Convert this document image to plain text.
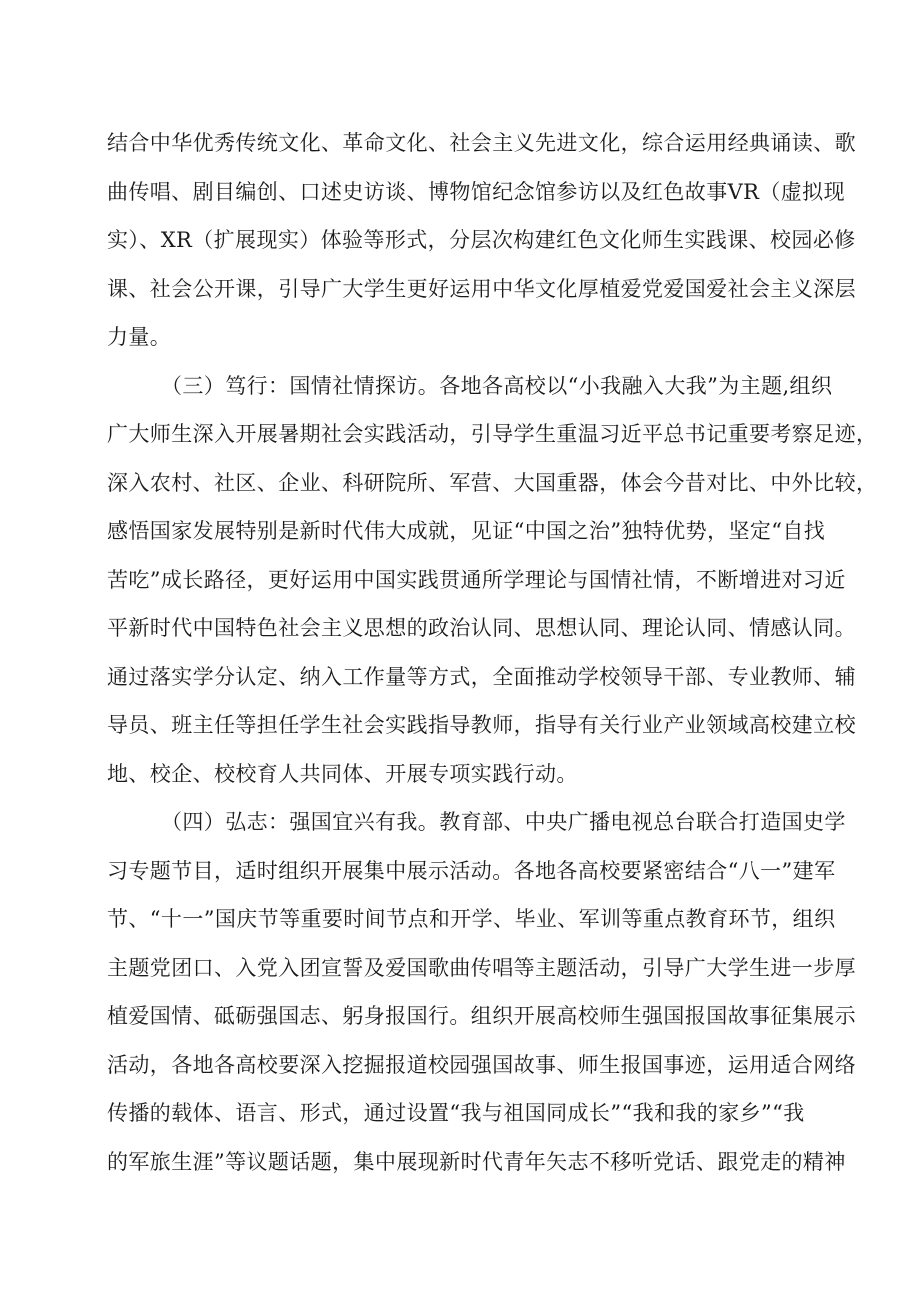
结合中华优秀传统文化、革命文化、社会主义先进文化，综合运用经典诵读、歌
曲传唱、剧目编创、口述史访谈、博物馆纪念馆参访以及红色故事VR（虚拟现
实）、XR（扩展现实）体验等形式，分层次构建红色文化师生实践课、校园必修
课、社会公开课，引导广大学生更好运用中华文化厚植爱党爱国爱社会主义深层
力量。
（三）笃行：国情社情探访。各地各高校以“小我融入大我”为主题,组织
广大师生深入开展暑期社会实践活动，引导学生重温习近平总书记重要考察足迹，
深入农村、社区、企业、科研院所、军营、大国重器，体会今昔对比、中外比较，
感悟国家发展特别是新时代伟大成就，见证“中国之治”独特优势，坚定“自找
苦吃”成长路径，更好运用中国实践贯通所学理论与国情社情，不断增进对习近
平新时代中国特色社会主义思想的政治认同、思想认同、理论认同、情感认同。
通过落实学分认定、纳入工作量等方式，全面推动学校领导干部、专业教师、辅
导员、班主任等担任学生社会实践指导教师，指导有关行业产业领域高校建立校
地、校企、校校育人共同体、开展专项实践行动。
（四）弘志：强国宜兴有我。教育部、中央广播电视总台联合打造国史学
习专题节目，适时组织开展集中展示活动。各地各高校要紧密结合“八一”建军
节、“十一”国庆节等重要时间节点和开学、毕业、军训等重点教育环节，组织
主题党团口、入党入团宣誓及爱国歌曲传唱等主题活动，引导广大学生进一步厚
植爱国情、砥砺强国志、躬身报国行。组织开展高校师生强国报国故事征集展示
活动，各地各高校要深入挖掘报道校园强国故事、师生报国事迹，运用适合网络
传播的载体、语言、形式，通过设置“我与祖国同成长”“我和我的家乡”“我
的军旅生涯”等议题话题，集中展现新时代青年矢志不移听党话、跟党走的精神
